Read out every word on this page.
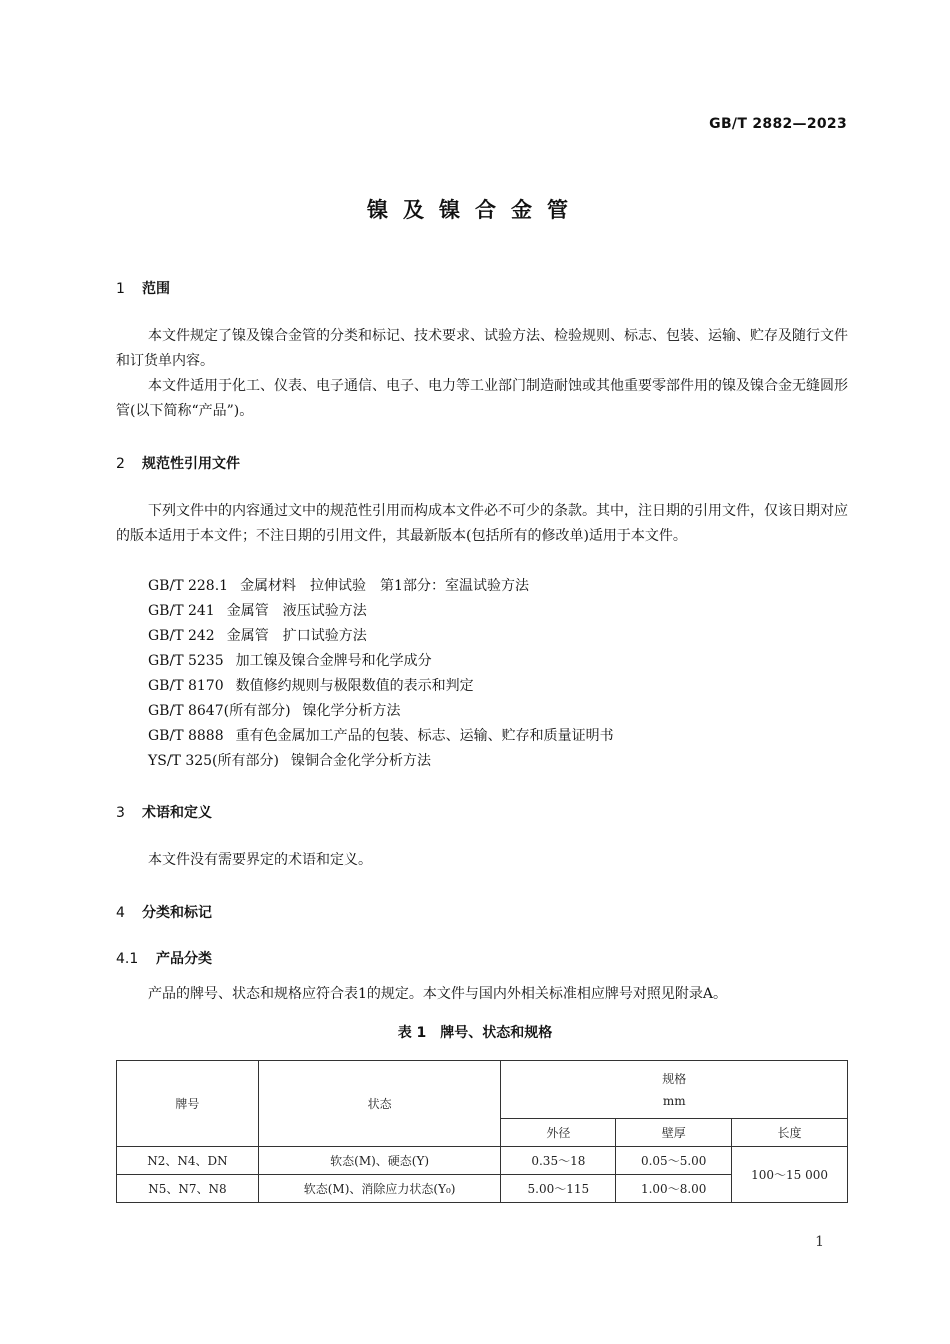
GB/T 2882—2023
镍及镍合金管
1 范围

本文件规定了镍及镍合金管的分类和标记、技术要求、试验方法、检验规则、标志、包装、运输、贮存及随行文件和订货单内容。

本文件适用于化工、仪表、电子通信、电子、电力等工业部门制造耐蚀或其他重要零部件用的镍及镍合金无缝圆形管(以下简称“产品”)。

2 规范性引用文件

下列文件中的内容通过文中的规范性引用而构成本文件必不可少的条款。其中，注日期的引用文件，仅该日期对应的版本适用于本文件；不注日期的引用文件，其最新版本(包括所有的修改单)适用于本文件。

GB/T 228.1 金属材料　拉伸试验　第1部分：室温试验方法
GB/T 241 金属管　液压试验方法
GB/T 242 金属管　扩口试验方法
GB/T 5235 加工镍及镍合金牌号和化学成分
GB/T 8170 数值修约规则与极限数值的表示和判定
GB/T 8647(所有部分) 镍化学分析方法
GB/T 8888 重有色金属加工产品的包装、标志、运输、贮存和质量证明书
YS/T 325(所有部分) 镍铜合金化学分析方法
3 术语和定义

本文件没有需要界定的术语和定义。

4 分类和标记
4.1 产品分类

产品的牌号、状态和规格应符合表1的规定。本文件与国内外相关标准相应牌号对照见附录A。

表 1　牌号、状态和规格
牌号	状态	规格
mm		

		外径	壁厚	长度
N2、N4、DN	软态(M)、硬态(Y)	0.35～18	0.05～5.00	100～15 000
N5、N7、N8	软态(M)、消除应力状态(Y₀)	5.00～115	1.00～8.00	
1
